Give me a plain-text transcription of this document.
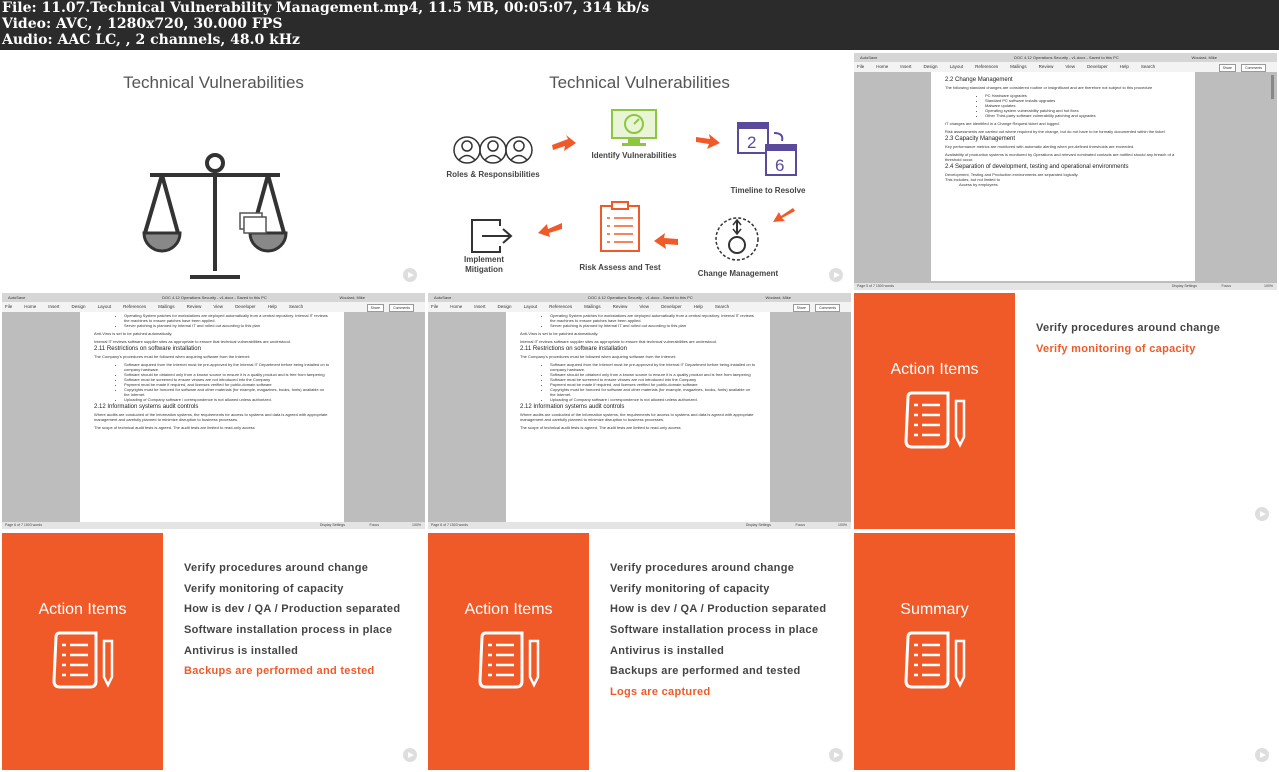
File: 11.07.Technical Vulnerability Management.mp4, 11.5 MB, 00:05:07, 314 kb/s
Video: AVC, , 1280x720, 30.000 FPS
Audio: AAC LC, , 2 channels, 48.0 kHz
Technical Vulnerabilities	Technical Vulnerabilities
Roles & Responsibilities
Identify Vulnerabilities
2
6
Timeline to Resolve
Change Management
Risk Assess and Test
Implement
Mitigation
AutoSave	DOC 4.12 Operations Security - v1.docx - Saved to this PC	Woolard, Mike
File	Home	Insert	Design	Layout	References	Mailings	Review	View	Developer	Help	Search	Share	Comments
2.2 Change Management

The following standard changes are considered routine or insignificant and are therefore not subject to this procedure

• PC Hardware upgrades
• Standard PC software installs upgrades
• Malware updates
• Operating system vulnerability patching and hot fixes
• Other Third-party software vulnerability patching and upgrades

IT changes are identified in a Change Request ticket and logged.

Risk assessments are carried out where required by the change, but do not have to be formally documented within the ticket

2.3 Capacity Management

Key performance metrics are monitored with automatic alerting when pre-defined thresholds are exceeded.

Availability of production systems is monitored by Operations and relevant nominated contacts are notified should any breach of a threshold occur.

2.4 Separation of development, testing and operational environments

Development, Testing and Production environments are separated logically.

This includes, but not limited to

Access by employees

Page 5 of 7 1500 words	Display Settings	Focus	100%
AutoSave	DOC 4.12 Operations Security - v1.docx - Saved to this PC	Woolard, Mike
File	Home	Insert	Design	Layout	References	Mailings	Review	View	Developer	Help	Search	Share	Comments
• Operating System patches for workstations are deployed automatically from a central repository. Internal IT reviews the machines to ensure patches have been applied.
• Server patching is planned by Internal IT and rolled out according to this plan

Anti-Virus is set to be patched automatically.

Internal IT reviews software supplier sites as appropriate to ensure that technical vulnerabilities are understood.

2.11 Restrictions on software installation

The Company's procedures must be followed when acquiring software from the Internet:

• Software acquired from the Internet must be pre-approved by the Internal IT Department before being installed on to company hardware.
• Software should be obtained only from a known source to ensure it is a quality product and is free from tampering
• Software must be screened to ensure viruses are not introduced into the Company
• Payment must be made if required, and licenses verified for public-domain software
• Copyrights must be honored for software and other materials (for example, magazines, books, fonts) available on the Internet.
• Uploading of Company software / correspondence is not allowed unless authorized.
2.12 Information systems audit controls

Where audits are conducted of the information systems, the requirements for access to systems and data is agreed with appropriate management and carefully planned to minimize disruption to business processes.

The scope of technical audit tests is agreed. The audit tests are limited to read-only access

Page 6 of 7 1503 words	Display Settings	Focus	100%
AutoSave	DOC 4.12 Operations Security - v1.docx - Saved to this PC	Woolard, Mike
File	Home	Insert	Design	Layout	References	Mailings	Review	View	Developer	Help	Search	Share	Comments
• Operating System patches for workstations are deployed automatically from a central repository. Internal IT reviews the machines to ensure patches have been applied.
• Server patching is planned by Internal IT and rolled out according to this plan

Anti-Virus is set to be patched automatically.

Internal IT reviews software supplier sites as appropriate to ensure that technical vulnerabilities are understood.

2.11 Restrictions on software installation

The Company's procedures must be followed when acquiring software from the Internet:

• Software acquired from the Internet must be pre-approved by the Internal IT Department before being installed on to company hardware.
• Software should be obtained only from a known source to ensure it is a quality product and is free from tampering
• Software must be screened to ensure viruses are not introduced into the Company
• Payment must be made if required, and licenses verified for public-domain software
• Copyrights must be honored for software and other materials (for example, magazines, books, fonts) available on the Internet.
• Uploading of Company software / correspondence is not allowed unless authorized.
2.12 Information systems audit controls

Where audits are conducted of the information systems, the requirements for access to systems and data is agreed with appropriate management and carefully planned to minimize disruption to business processes.

The scope of technical audit tests is agreed. The audit tests are limited to read-only access

Page 6 of 7 1503 words	Display Settings	Focus	100%
Action Items
Verify procedures around change
Verify monitoring of capacity
Action Items
Verify procedures around change
Verify monitoring of capacity
How is dev / QA / Production separated
Software installation process in place
Antivirus is installed
Backups are performed and tested
Action Items
Verify procedures around change
Verify monitoring of capacity
How is dev / QA / Production separated
Software installation process in place
Antivirus is installed
Backups are performed and tested
Logs are captured
Summary
